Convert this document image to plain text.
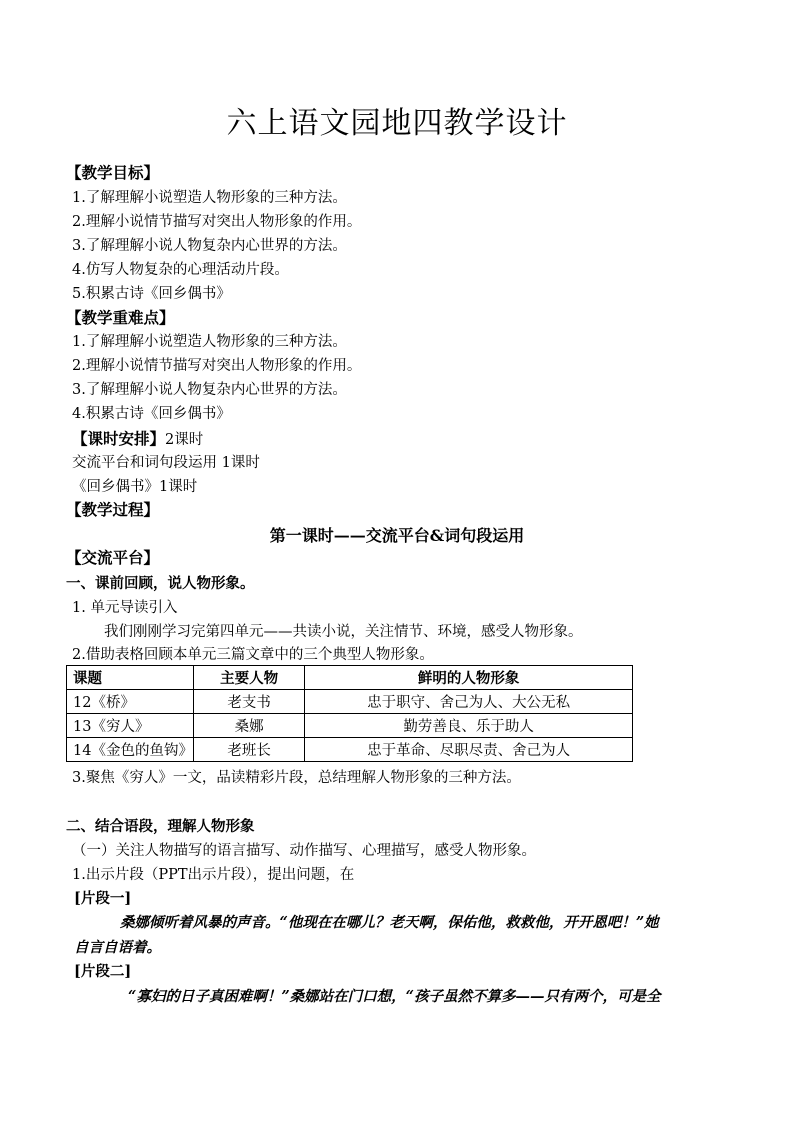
六上语文园地四教学设计

【教学目标】

1.了解理解小说塑造人物形象的三种方法。

2.理解小说情节描写对突出人物形象的作用。

3.了解理解小说人物复杂内心世界的方法。

4.仿写人物复杂的心理活动片段。

5.积累古诗《回乡偶书》

【教学重难点】

1.了解理解小说塑造人物形象的三种方法。

2.理解小说情节描写对突出人物形象的作用。

3.了解理解小说人物复杂内心世界的方法。

4.积累古诗《回乡偶书》

【课时安排】2课时

交流平台和词句段运用 1课时

《回乡偶书》1课时

【教学过程】

第一课时——交流平台&词句段运用

【交流平台】

一、课前回顾，说人物形象。

1. 单元导读引入

我们刚刚学习完第四单元——共读小说，关注情节、环境，感受人物形象。

2.借助表格回顾本单元三篇文章中的三个典型人物形象。

课题	主要人物	鲜明的人物形象
12《桥》	老支书	忠于职守、舍己为人、大公无私
13《穷人》	桑娜	勤劳善良、乐于助人
14《金色的鱼钩》	老班长	忠于革命、尽职尽责、舍己为人

3.聚焦《穷人》一文，品读精彩片段，总结理解人物形象的三种方法。

二、结合语段，理解人物形象

（一）关注人物描写的语言描写、动作描写、心理描写，感受人物形象。

1.出示片段（PPT出示片段），提出问题，在

[片段一]

桑娜倾听着风暴的声音。“他现在在哪儿？老天啊，保佑他，救救他，开开恩吧！”她

自言自语着。

[片段二]

“寡妇的日子真困难啊！”桑娜站在门口想，“孩子虽然不算多——只有两个，可是全
